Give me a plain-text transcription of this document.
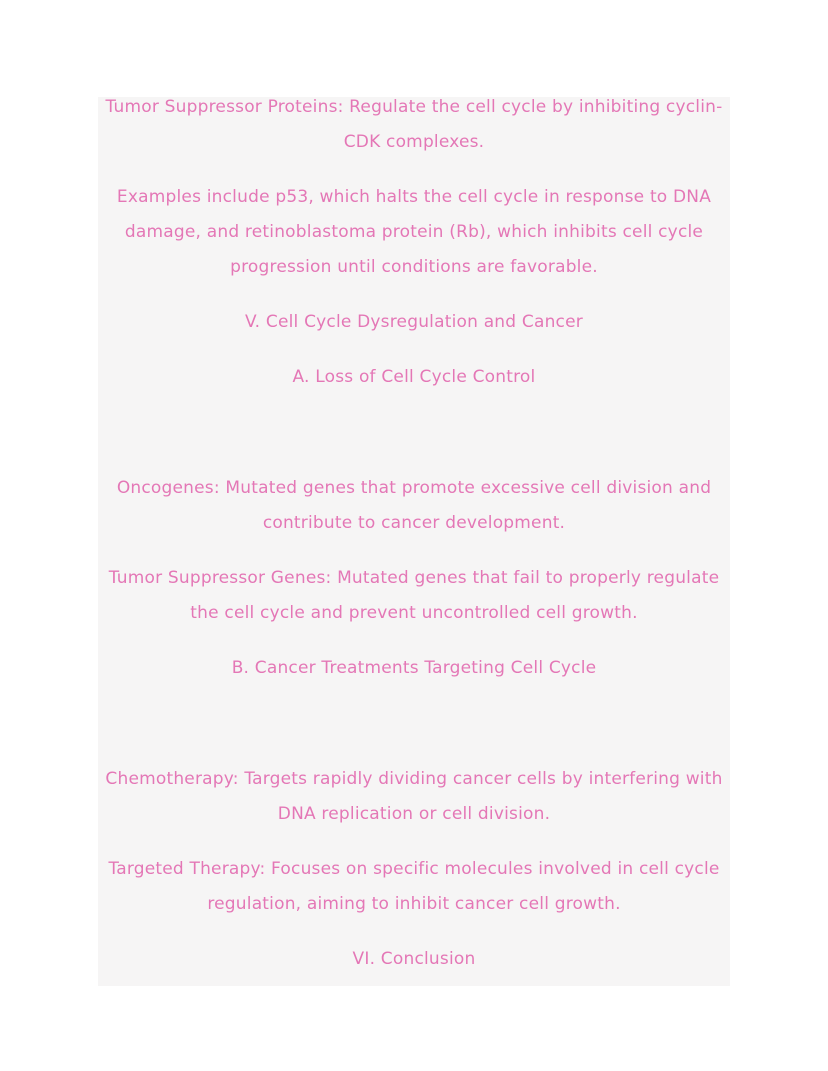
Tumor Suppressor Proteins: Regulate the cell cycle by inhibiting cyclin-CDK complexes.

Examples include p53, which halts the cell cycle in response to DNA damage, and retinoblastoma protein (Rb), which inhibits cell cycle progression until conditions are favorable.

V. Cell Cycle Dysregulation and Cancer

A. Loss of Cell Cycle Control

Oncogenes: Mutated genes that promote excessive cell division and contribute to cancer development.

Tumor Suppressor Genes: Mutated genes that fail to properly regulate the cell cycle and prevent uncontrolled cell growth.

B. Cancer Treatments Targeting Cell Cycle

Chemotherapy: Targets rapidly dividing cancer cells by interfering with DNA replication or cell division.

Targeted Therapy: Focuses on specific molecules involved in cell cycle regulation, aiming to inhibit cancer cell growth.

VI. Conclusion
